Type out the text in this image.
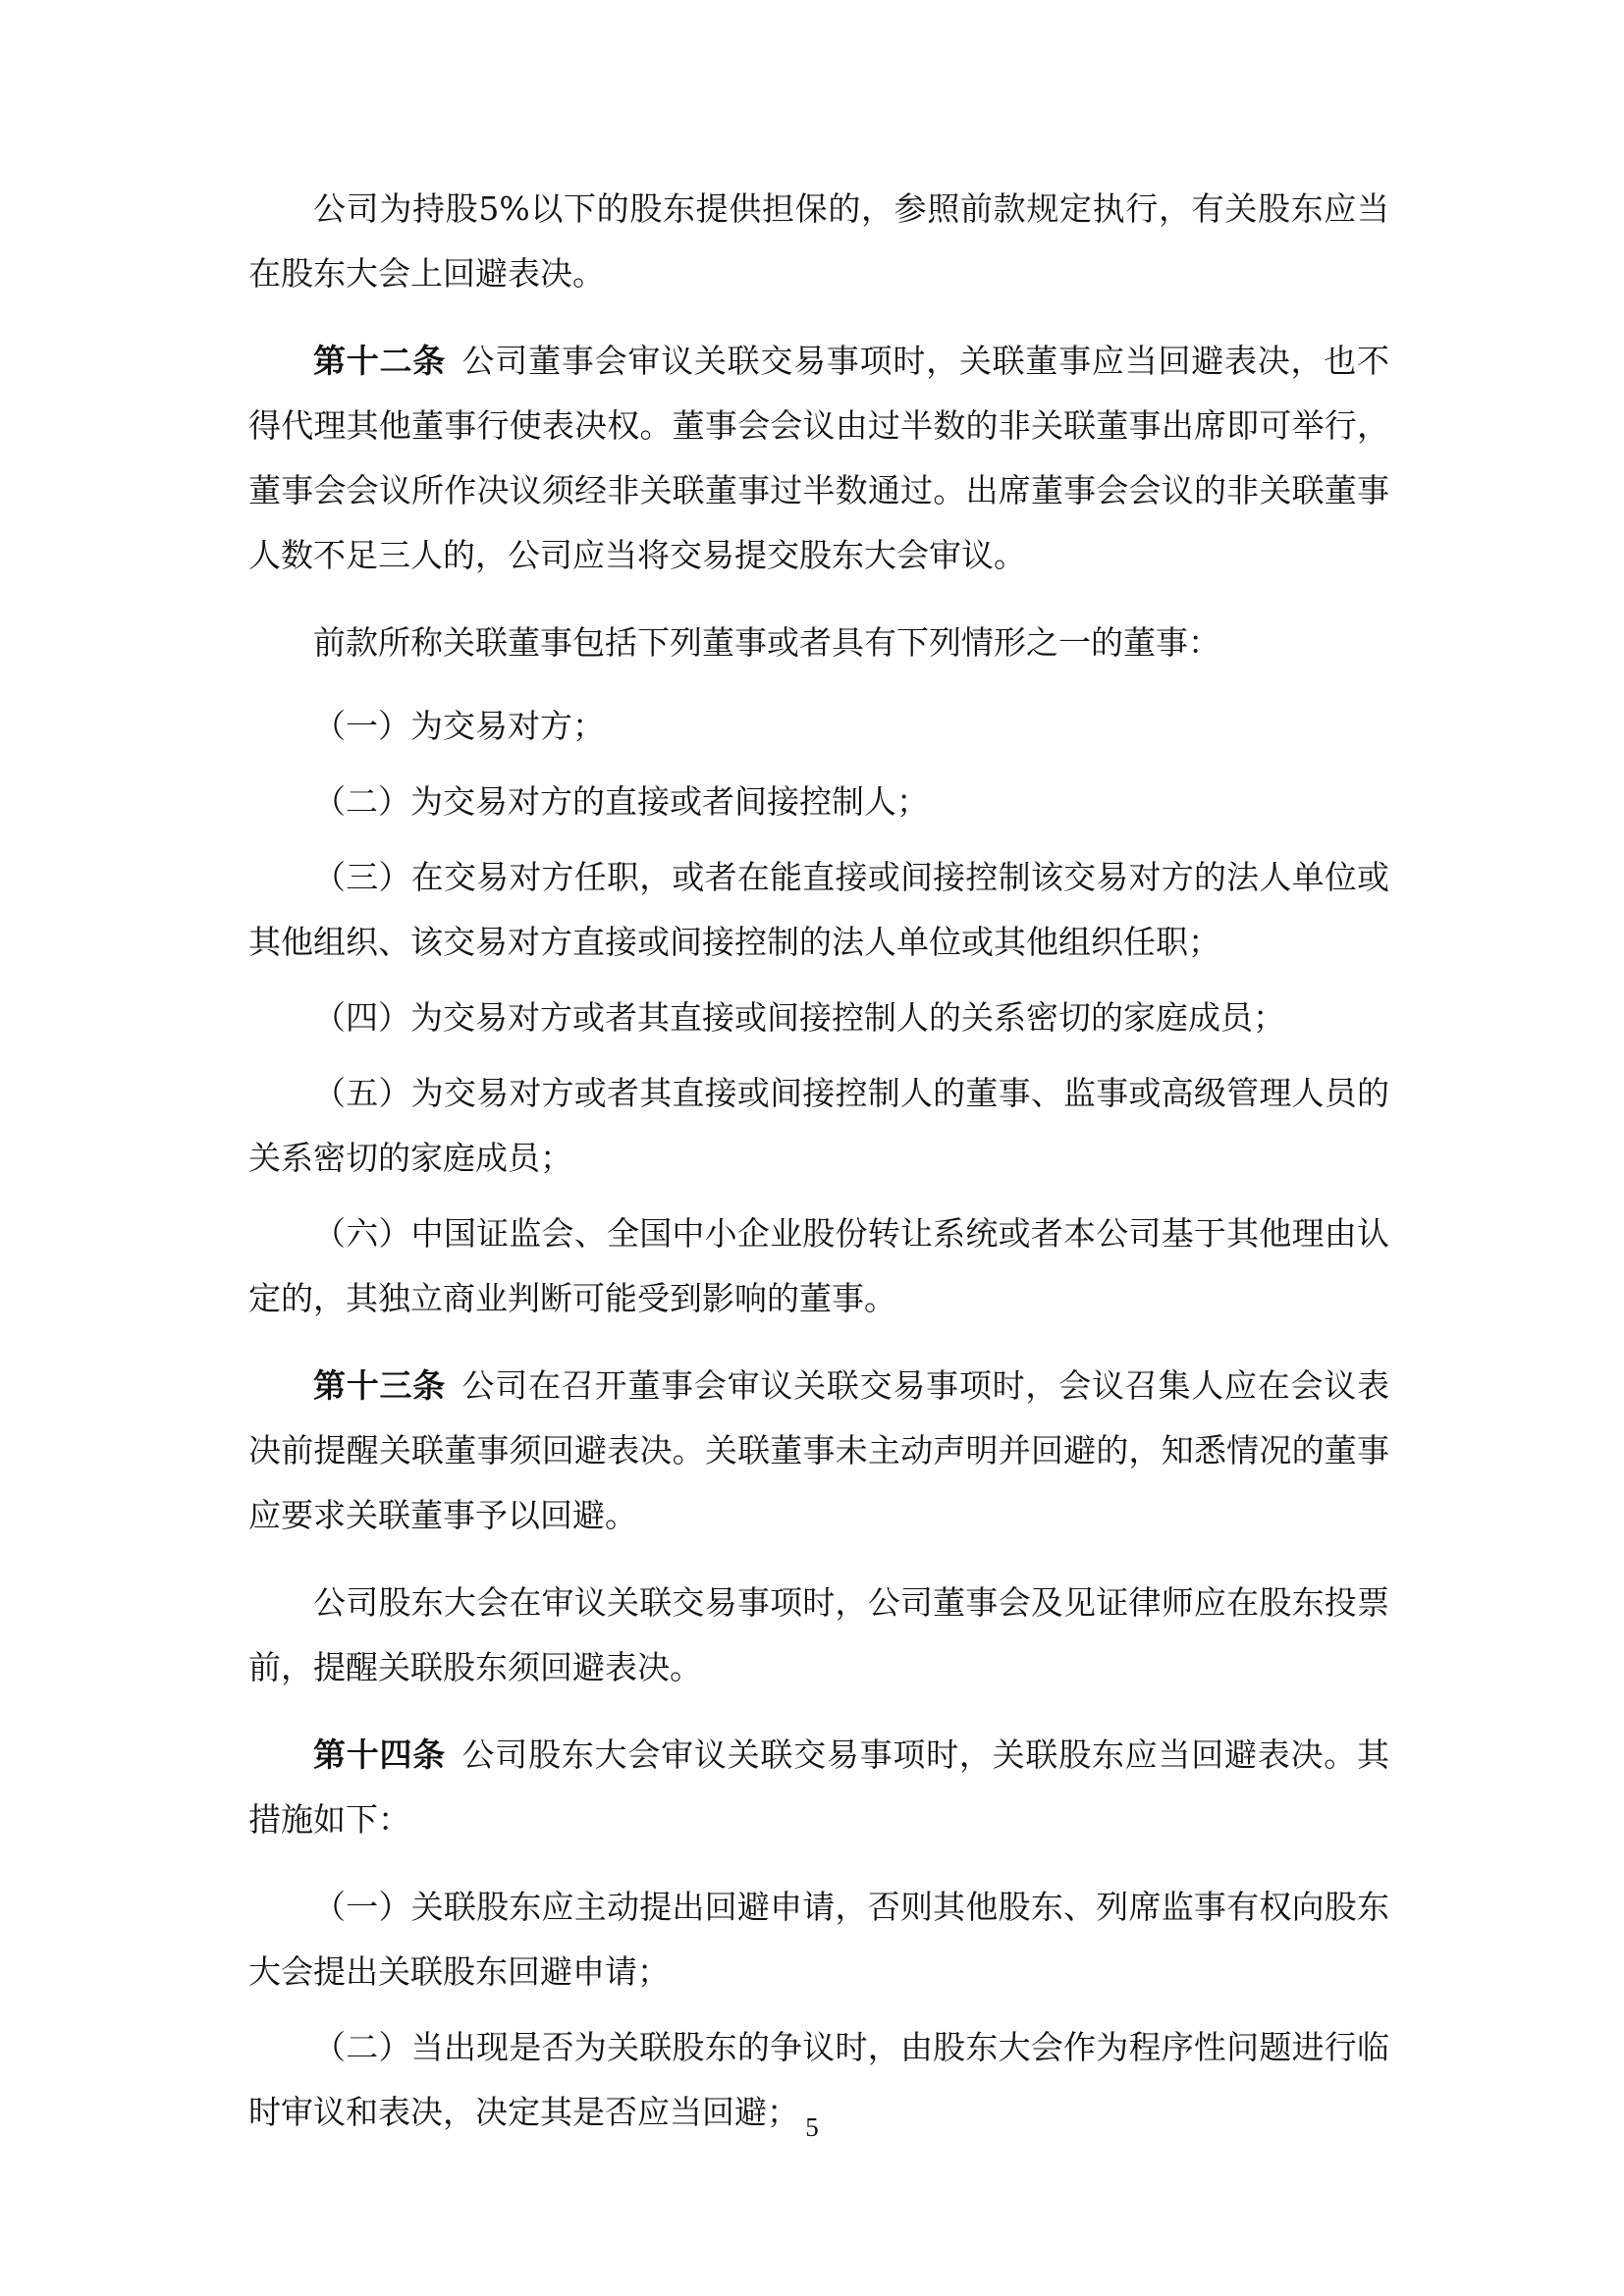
公司为持股5%以下的股东提供担保的，参照前款规定执行，有关股东应当在股东大会上回避表决。

第十二条 公司董事会审议关联交易事项时，关联董事应当回避表决，也不得代理其他董事行使表决权。董事会会议由过半数的非关联董事出席即可举行，董事会会议所作决议须经非关联董事过半数通过。出席董事会会议的非关联董事人数不足三人的，公司应当将交易提交股东大会审议。

前款所称关联董事包括下列董事或者具有下列情形之一的董事：

（一）为交易对方；

（二）为交易对方的直接或者间接控制人；

（三）在交易对方任职，或者在能直接或间接控制该交易对方的法人单位或其他组织、该交易对方直接或间接控制的法人单位或其他组织任职；

（四）为交易对方或者其直接或间接控制人的关系密切的家庭成员；

（五）为交易对方或者其直接或间接控制人的董事、监事或高级管理人员的关系密切的家庭成员；

（六）中国证监会、全国中小企业股份转让系统或者本公司基于其他理由认定的，其独立商业判断可能受到影响的董事。

第十三条 公司在召开董事会审议关联交易事项时，会议召集人应在会议表决前提醒关联董事须回避表决。关联董事未主动声明并回避的，知悉情况的董事应要求关联董事予以回避。

公司股东大会在审议关联交易事项时，公司董事会及见证律师应在股东投票前，提醒关联股东须回避表决。

第十四条 公司股东大会审议关联交易事项时，关联股东应当回避表决。其措施如下：

（一）关联股东应主动提出回避申请，否则其他股东、列席监事有权向股东大会提出关联股东回避申请；

（二）当出现是否为关联股东的争议时，由股东大会作为程序性问题进行临时审议和表决，决定其是否应当回避； 5
